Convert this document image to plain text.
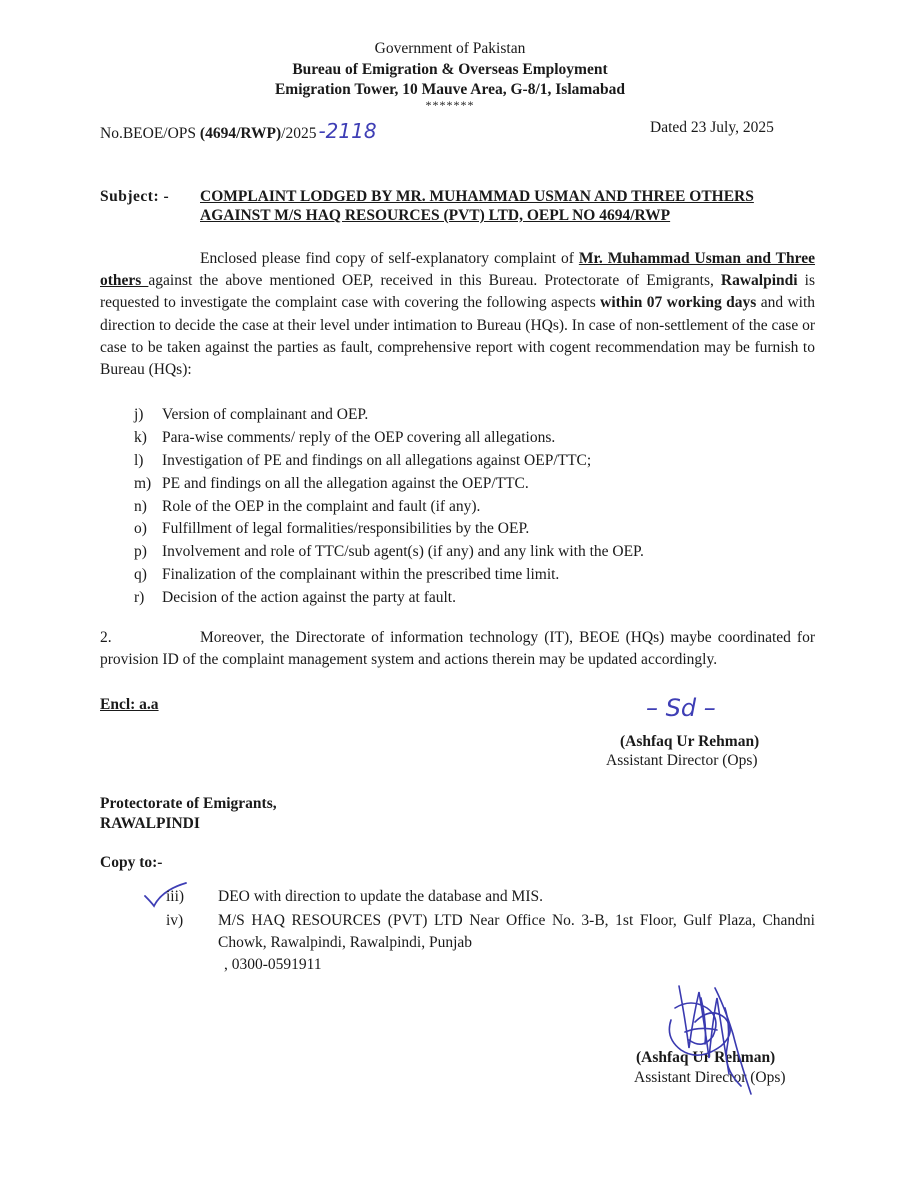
Government of Pakistan
Bureau of Emigration & Overseas Employment
Emigration Tower, 10 Mauve Area, G-8/1, Islamabad
*******
No.BEOE/OPS (4694/RWP)/2025 -2118	Dated 23 July, 2025
Subject: - COMPLAINT LODGED BY MR. MUHAMMAD USMAN AND THREE OTHERS
AGAINST M/S HAQ RESOURCES (PVT) LTD, OEPL NO 4694/RWP
Enclosed please find copy of self-explanatory complaint of Mr. Muhammad Usman and Three others against the above mentioned OEP, received in this Bureau. Protectorate of Emigrants, Rawalpindi is requested to investigate the complaint case with covering the following aspects within 07 working days and with direction to decide the case at their level under intimation to Bureau (HQs). In case of non-settlement of the case or case to be taken against the parties as fault, comprehensive report with cogent recommendation may be furnish to Bureau (HQs):
j) Version of complainant and OEP.
k) Para-wise comments/ reply of the OEP covering all allegations.
l) Investigation of PE and findings on all allegations against OEP/TTC;
m) PE and findings on all the allegation against the OEP/TTC.
n) Role of the OEP in the complaint and fault (if any).
o) Fulfillment of legal formalities/responsibilities by the OEP.
p) Involvement and role of TTC/sub agent(s) (if any) and any link with the OEP.
q) Finalization of the complainant within the prescribed time limit.
r) Decision of the action against the party at fault.
2.	Moreover, the Directorate of information technology (IT), BEOE (HQs) maybe coordinated for provision ID of the complaint management system and actions therein may be updated accordingly.
Encl: a.a	– Sd –
(Ashfaq Ur Rehman)
Assistant Director (Ops)
Protectorate of Emigrants,
RAWALPINDI
Copy to:-
iii)	DEO with direction to update the database and MIS.
iv)	M/S HAQ RESOURCES (PVT) LTD Near Office No. 3-B, 1st Floor, Gulf Plaza, Chandni Chowk, Rawalpindi, Rawalpindi, Punjab
, 0300-0591911
(Ashfaq Ur Rehman)
Assistant Director (Ops)
